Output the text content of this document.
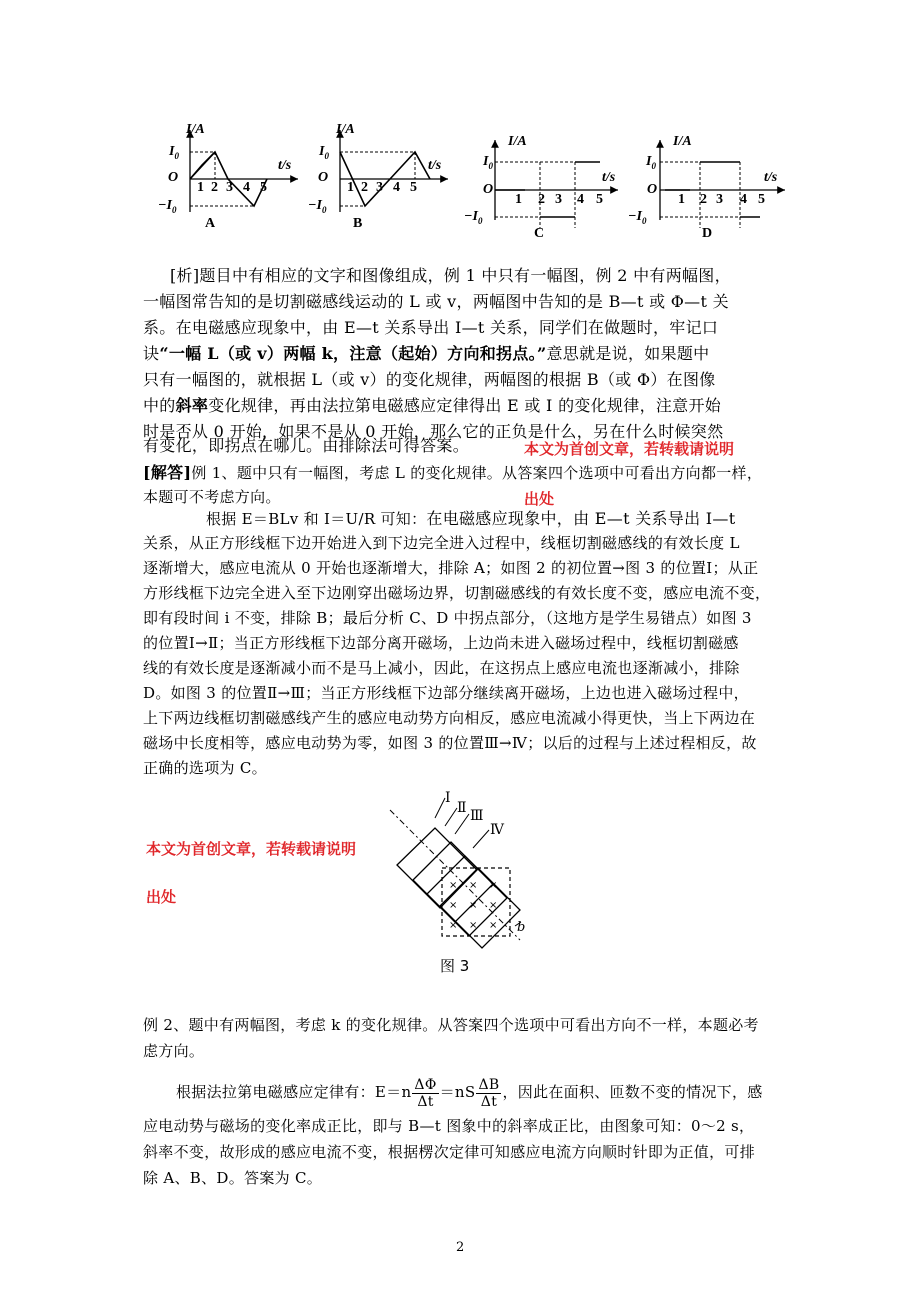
I/A
t/s
$I_0$
O
$-I_0$
1 2 3 4 5
A
I/A
t/s
$I_0$
O
$-I_0$
1 2 3 4 5
B
I/A
t/s
$I_0$
O
$-I_0$
1 2 3 4 5
C
I/A
t/s
$I_0$
O
$-I_0$
1 2 3 4 5
D
[析]题目中有相应的文字和图像组成，例 1 中只有一幅图，例 2 中有两幅图，
一幅图常告知的是切割磁感线运动的 L 或 v，两幅图中告知的是 B—t 或 Φ—t 关
系。在电磁感应现象中，由 E—t 关系导出 I—t 关系，同学们在做题时，牢记口
诀“一幅 L（或 v）两幅 k，注意（起始）方向和拐点。”意思就是说，如果题中
只有一幅图的，就根据 L（或 v）的变化规律，两幅图的根据 B（或 Φ）在图像
中的斜率变化规律，再由法拉第电磁感应定律得出 E 或 I 的变化规律，注意开始
时是否从 0 开始，如果不是从 0 开始，那么它的正负是什么，另在什么时候突然
有变化，即拐点在哪儿。由排除法可得答案。	本文为首创文章，若转载请说明
出处
[解答]例 1、题中只有一幅图，考虑 L 的变化规律。从答案四个选项中可看出方向都一样，
本题可不考虑方向。
根据 E＝BLv 和 I＝U/R 可知：在电磁感应现象中，由 E—t 关系导出 I—t
关系，从正方形线框下边开始进入到下边完全进入过程中，线框切割磁感线的有效长度 L
逐渐增大，感应电流从 0 开始也逐渐增大，排除 A；如图 2 的初位置→图 3 的位置Ⅰ；从正
方形线框下边完全进入至下边刚穿出磁场边界，切割磁感线的有效长度不变，感应电流不变，
即有段时间 i 不变，排除 B；最后分析 C、D 中拐点部分，（这地方是学生易错点）如图 3
的位置Ⅰ→Ⅱ；当正方形线框下边部分离开磁场，上边尚未进入磁场过程中，线框切割磁感
线的有效长度是逐渐减小而不是马上减小，因此，在这拐点上感应电流也逐渐减小，排除
D。如图 3 的位置Ⅱ→Ⅲ；当正方形线框下边部分继续离开磁场，上边也进入磁场过程中，
上下两边线框切割磁感线产生的感应电动势方向相反，感应电流减小得更快，当上下两边在
磁场中长度相等，感应电动势为零，如图 3 的位置Ⅲ→Ⅳ；以后的过程与上述过程相反，故
正确的选项为 C。
本文为首创文章，若转载请说明
出处
× × ×
× × ×
× × ×
Ⅰ
Ⅱ Ⅲ
Ⅳ
b
图 3
例 2、题中有两幅图，考虑 k 的变化规律。从答案四个选项中可看出方向不一样，本题必考
虑方向。
根据法拉第电磁感应定律有：$E=n \frac{\Delta\Phi}{\Delta t} =nS \frac{\Delta B}{\Delta t}$ ，因此在面积、匝数不变的情况下，感
应电动势与磁场的变化率成正比，即与 B—t 图象中的斜率成正比，由图象可知：0～2 s，
斜率不变，故形成的感应电流不变，根据楞次定律可知感应电流方向顺时针即为正值，可排
除 A、B、D。答案为 C。
2
